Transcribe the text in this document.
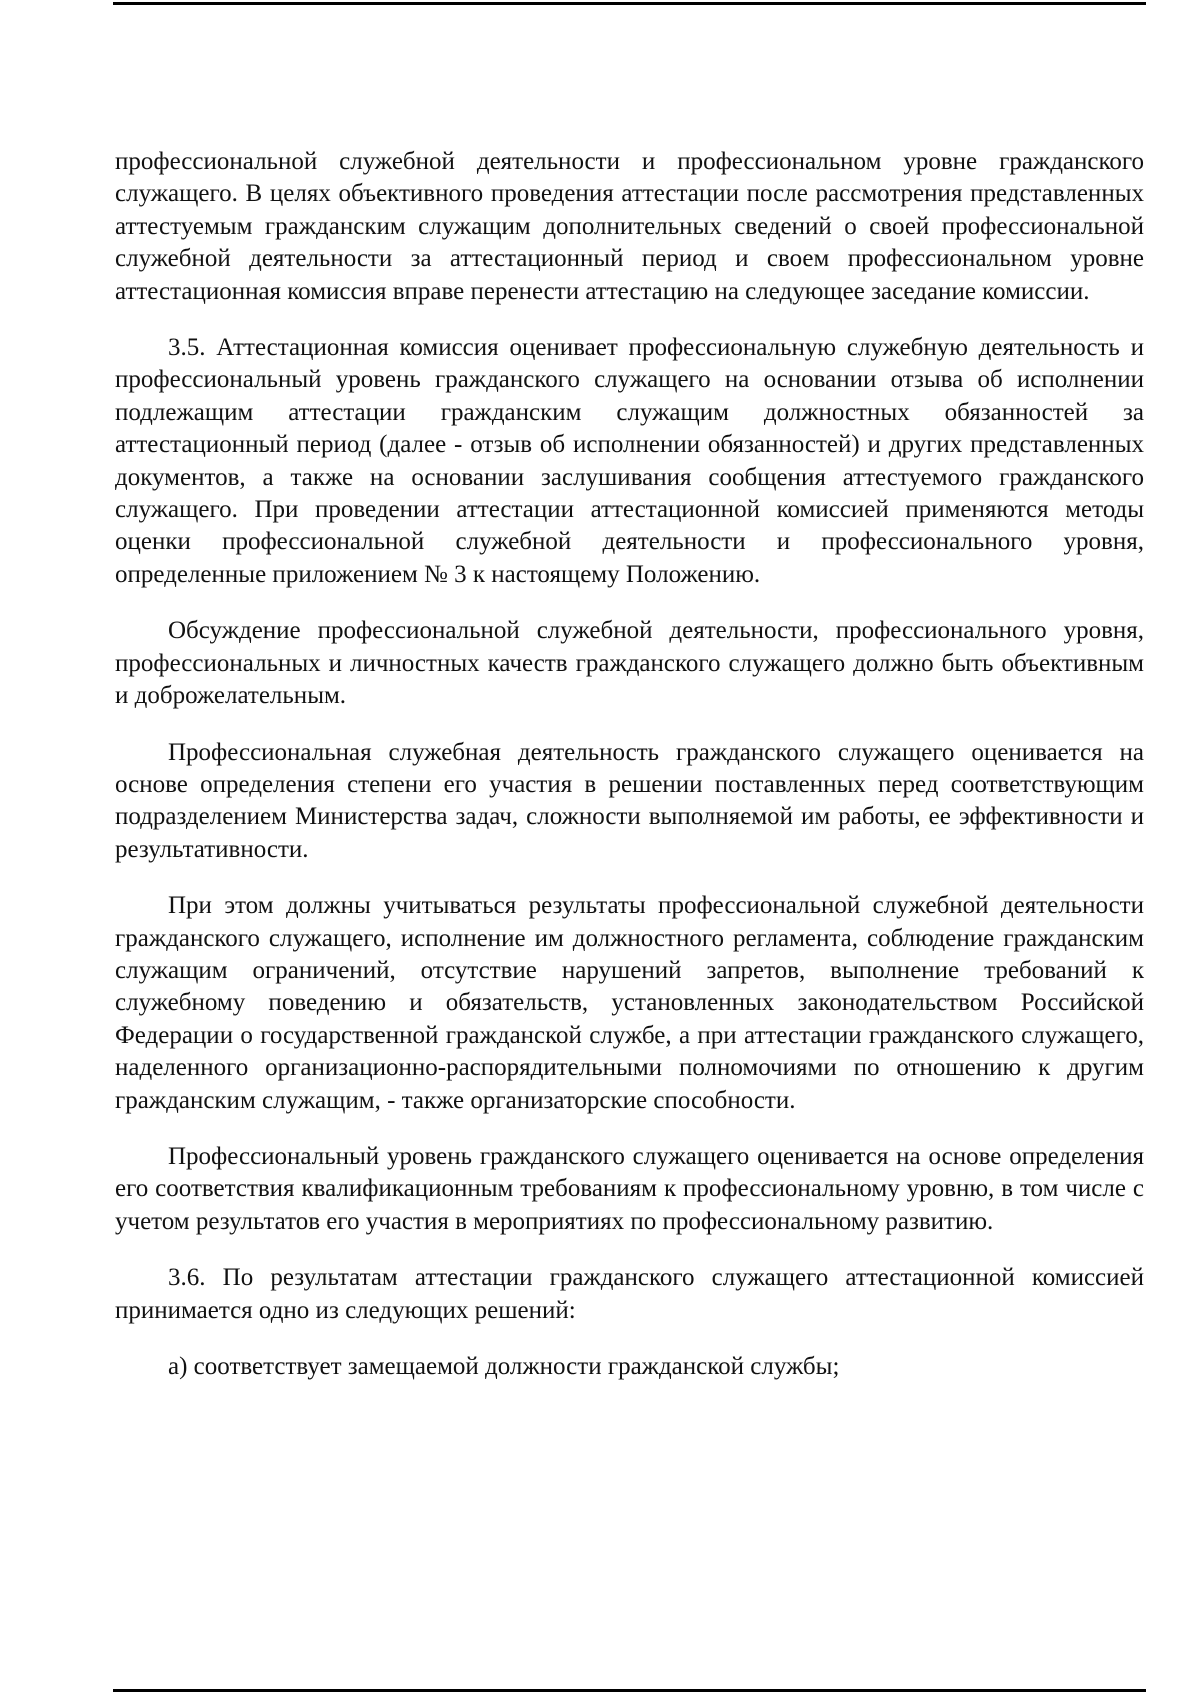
профессиональной служебной деятельности и профессиональном уровне гражданского служащего. В целях объективного проведения аттестации после рассмотрения представленных аттестуемым гражданским служащим дополнительных сведений о своей профессиональной служебной деятельности за аттестационный период и своем профессиональном уровне аттестационная комиссия вправе перенести аттестацию на следующее заседание комиссии.

3.5. Аттестационная комиссия оценивает профессиональную служебную деятельность и профессиональный уровень гражданского служащего на основании отзыва об исполнении подлежащим аттестации гражданским служащим должностных обязанностей за аттестационный период (далее - отзыв об исполнении обязанностей) и других представленных документов, а также на основании заслушивания сообщения аттестуемого гражданского служащего. При проведении аттестации аттестационной комиссией применяются методы оценки профессиональной служебной деятельности и профессионального уровня, определенные приложением № 3 к настоящему Положению.

Обсуждение профессиональной служебной деятельности, профессионального уровня, профессиональных и личностных качеств гражданского служащего должно быть объективным и доброжелательным.

Профессиональная служебная деятельность гражданского служащего оценивается на основе определения степени его участия в решении поставленных перед соответствующим подразделением Министерства задач, сложности выполняемой им работы, ее эффективности и результативности.

При этом должны учитываться результаты профессиональной служебной деятельности гражданского служащего, исполнение им должностного регламента, соблюдение гражданским служащим ограничений, отсутствие нарушений запретов, выполнение требований к служебному поведению и обязательств, установленных законодательством Российской Федерации о государственной гражданской службе, а при аттестации гражданского служащего, наделенного организационно-распорядительными полномочиями по отношению к другим гражданским служащим, - также организаторские способности.

Профессиональный уровень гражданского служащего оценивается на основе определения его соответствия квалификационным требованиям к профессиональному уровню, в том числе с учетом результатов его участия в мероприятиях по профессиональному развитию.

3.6. По результатам аттестации гражданского служащего аттестационной комиссией принимается одно из следующих решений:

а) соответствует замещаемой должности гражданской службы;
